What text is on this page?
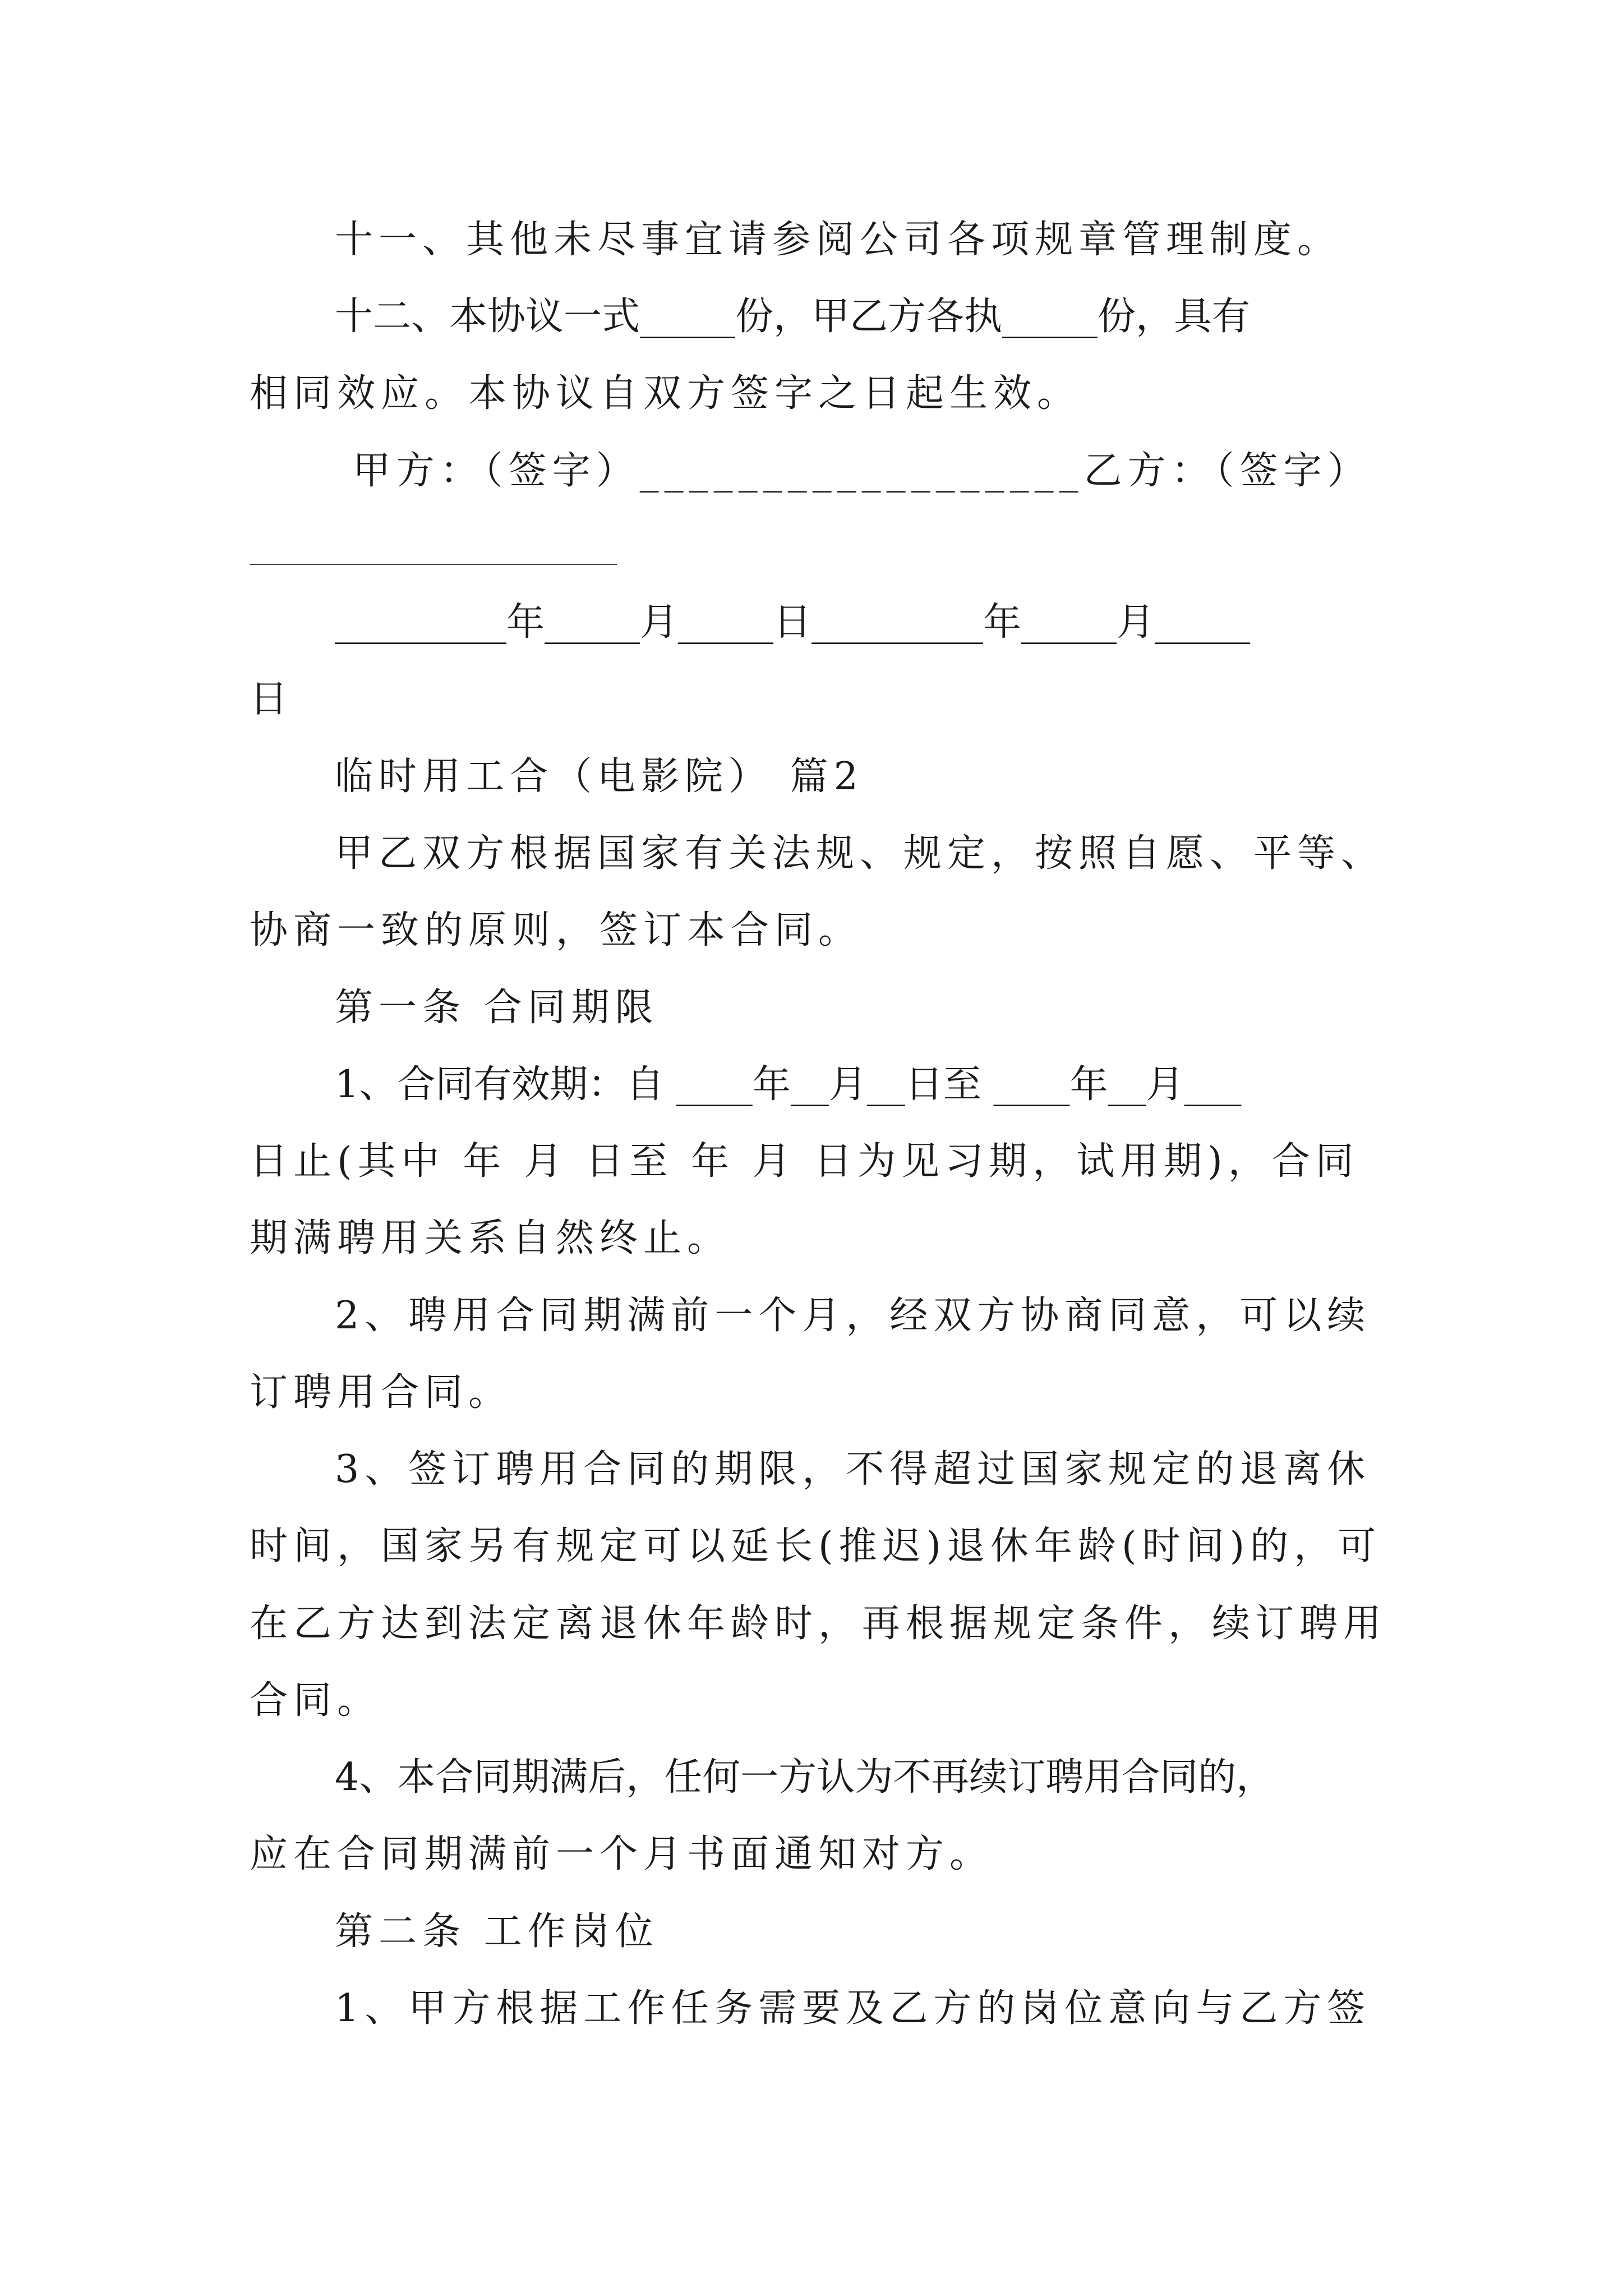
十一、其他未尽事宜请参阅公司各项规章管理制度。
十二、本协议一式_____份，甲乙方各执_____份，具有
相同效应。本协议自双方签字之日起生效。
甲方：（签字）__________________乙方：（签字）
_________年_____月_____日_________年_____月_____
日
临时用工合（电影院） 篇2
甲乙双方根据国家有关法规、规定，按照自愿、平等、
协商一致的原则，签订本合同。
第一条 合同期限
1、合同有效期：自 ____年__月__日至 ____年__月___
日止(其中 年 月 日至 年 月 日为见习期，试用期)，合同
期满聘用关系自然终止。
2、聘用合同期满前一个月，经双方协商同意，可以续
订聘用合同。
3、签订聘用合同的期限，不得超过国家规定的退离休
时间，国家另有规定可以延长(推迟)退休年龄(时间)的，可
在乙方达到法定离退休年龄时，再根据规定条件，续订聘用
合同。
4、本合同期满后，任何一方认为不再续订聘用合同的，
应在合同期满前一个月书面通知对方。
第二条 工作岗位
1、甲方根据工作任务需要及乙方的岗位意向与乙方签
